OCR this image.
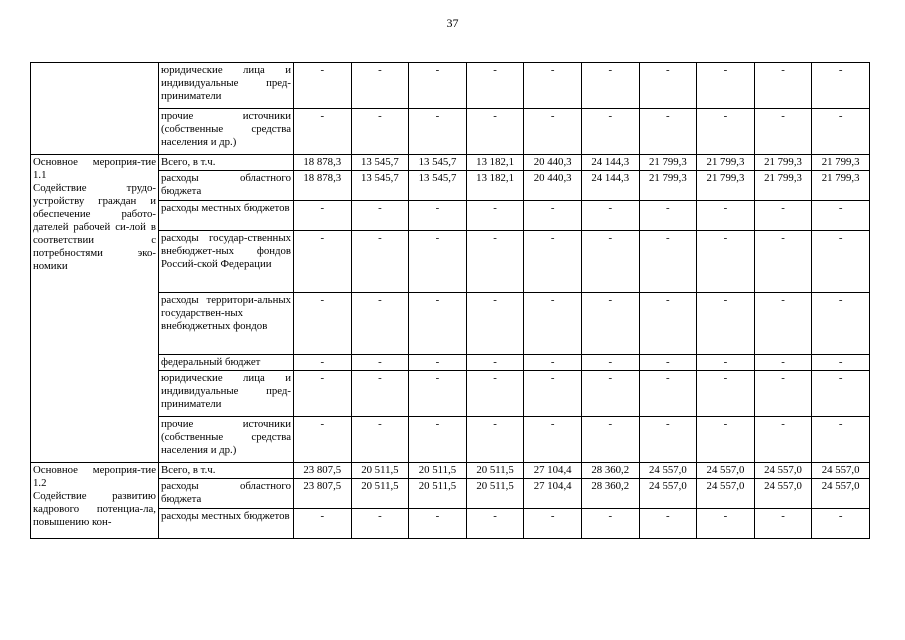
37
	юридические лица и индивидуальные пред-приниматели	-	-	-	-	-	-	-	-	-	-
	прочие источники (собственные средства населения и др.)	-	-	-	-	-	-	-	-	-	-

Основное мероприя-тие 1.1
Содействие трудо-устройству граждан и обеспечение работо-дателей рабочей си-лой в соответствии с потребностями эко-номики	Всего, в т.ч.	18 878,3	13 545,7	13 545,7	13 182,1	20 440,3	24 144,3	21 799,3	21 799,3	21 799,3	21 799,3
	расходы областного бюджета	18 878,3	13 545,7	13 545,7	13 182,1	20 440,3	24 144,3	21 799,3	21 799,3	21 799,3	21 799,3
	расходы местных бюджетов	-	-	-	-	-	-	-	-	-	-
	расходы государ-ственных внебюджет-ных фондов Россий-ской Федерации	-	-	-	-	-	-	-	-	-	-
	расходы территори-альных государствен-ных внебюджетных фондов	-	-	-	-	-	-	-	-	-	-
	федеральный бюджет	-	-	-	-	-	-	-	-	-	-
	юридические лица и индивидуальные пред-приниматели	-	-	-	-	-	-	-	-	-	-
	прочие источники (собственные средства населения и др.)	-	-	-	-	-	-	-	-	-	-

Основное мероприя-тие 1.2
Содействие развитию кадрового потенциа-ла, повышению кон-	Всего, в т.ч.	23 807,5	20 511,5	20 511,5	20 511,5	27 104,4	28 360,2	24 557,0	24 557,0	24 557,0	24 557,0
	расходы областного бюджета	23 807,5	20 511,5	20 511,5	20 511,5	27 104,4	28 360,2	24 557,0	24 557,0	24 557,0	24 557,0
	расходы местных бюджетов	-	-	-	-	-	-	-	-	-	-
